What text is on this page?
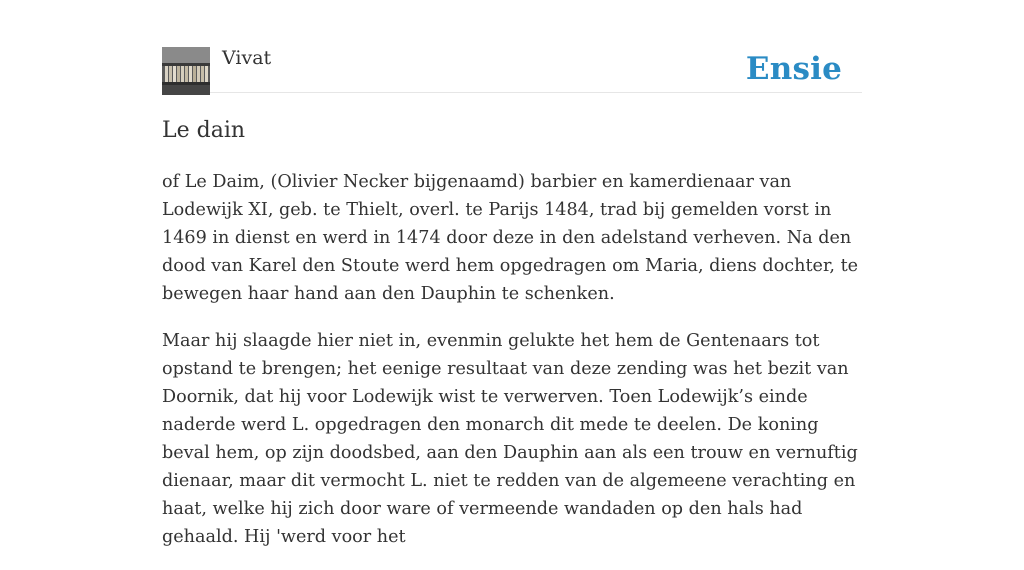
Vivat	Ensie
Le dain

of Le Daim, (Olivier Necker bijgenaamd) barbier en kamerdienaar van Lodewijk XI, geb. te Thielt, overl. te Parijs 1484, trad bij gemelden vorst in 1469 in dienst en werd in 1474 door deze in den adelstand verheven. Na den dood van Karel den Stoute werd hem opgedragen om Maria, diens dochter, te bewegen haar hand aan den Dauphin te schenken.

Maar hij slaagde hier niet in, evenmin gelukte het hem de Gentenaars tot opstand te brengen; het eenige resultaat van deze zending was het bezit van Doornik, dat hij voor Lodewijk wist te verwerven. Toen Lodewijk’s einde naderde werd L. opgedragen den monarch dit mede te deelen. De koning beval hem, op zijn doodsbed, aan den Dauphin aan als een trouw en vernuftig dienaar, maar dit vermocht L. niet te redden van de algemeene verachting en haat, welke hij zich door ware of vermeende wandaden op den hals had gehaald. Hij 'werd voor het
